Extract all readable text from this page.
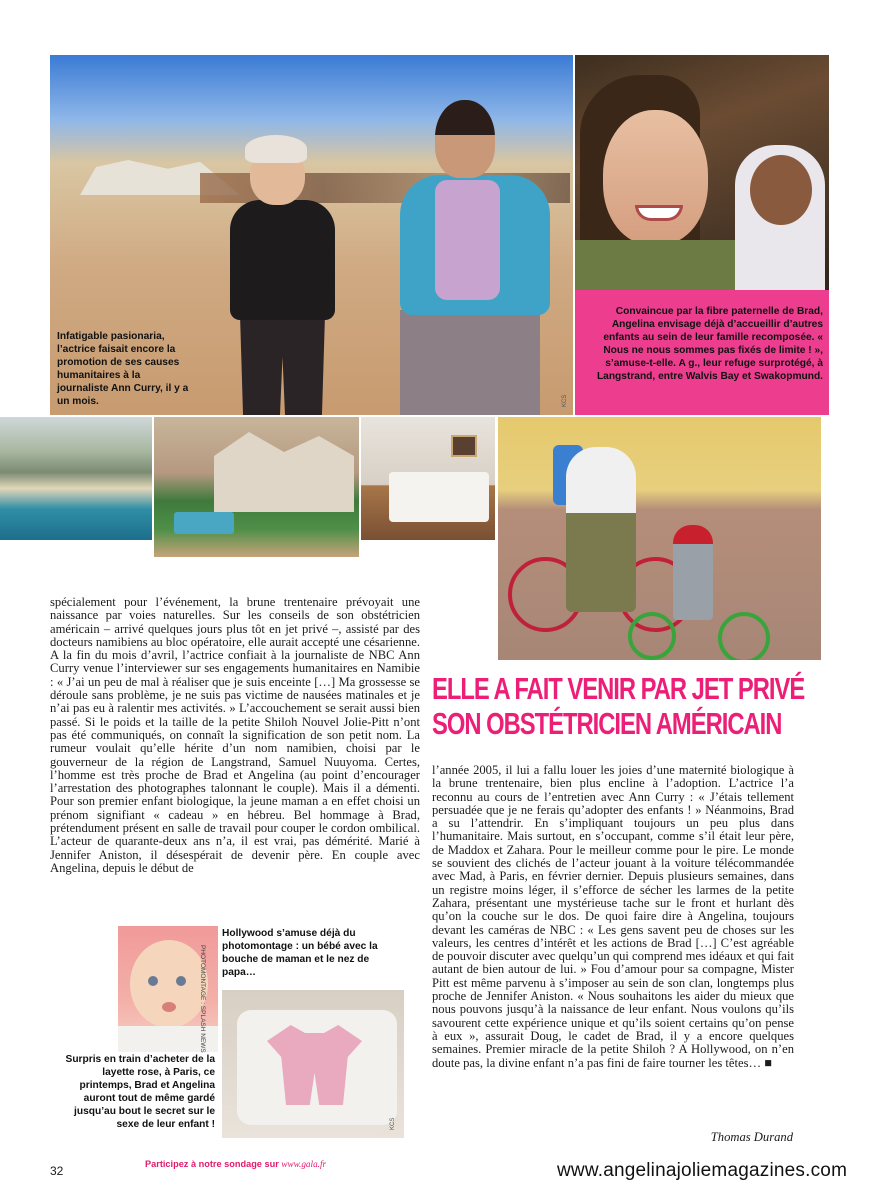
KCS
Infatigable pasionaria, l’actrice faisait encore la promotion de ses causes humanitaires à la journaliste Ann Curry, il y a un mois.
Convaincue par la fibre paternelle de Brad, Angelina envisage déjà d’accueillir d’autres enfants au sein de leur famille recomposée. « Nous ne nous sommes pas fixés de limite ! », s’amuse-t-elle. A g., leur refuge surprotégé, à Langstrand, entre Walvis Bay et Swakopmund.

spécialement pour l’événement, la brune trentenaire prévoyait une naissance par voies naturelles. Sur les conseils de son obstétricien américain – arrivé quelques jours plus tôt en jet privé –, assisté par des docteurs namibiens au bloc opératoire, elle aurait accepté une césarienne. A la fin du mois d’avril, l’actrice confiait à la journaliste de NBC Ann Curry venue l’interviewer sur ses engagements humanitaires en Namibie : « J’ai un peu de mal à réaliser que je suis enceinte […] Ma grossesse se déroule sans problème, je ne suis pas victime de nausées matinales et je n’ai pas eu à ralentir mes activités. » L’accouchement se serait aussi bien passé. Si le poids et la taille de la petite Shiloh Nouvel Jolie-Pitt n’ont pas été communiqués, on connaît la signification de son petit nom. La rumeur voulait qu’elle hérite d’un nom namibien, choisi par le gouverneur de la région de Langstrand, Samuel Nuuyoma. Certes, l’homme est très proche de Brad et Angelina (au point d’encourager l’arrestation des photographes talonnant le couple). Mais il a démenti. Pour son premier enfant biologique, la jeune maman a en effet choisi un prénom signifiant « cadeau » en hébreu. Bel hommage à Brad, prétendument présent en salle de travail pour couper le cordon ombilical. L’acteur de quarante-deux ans n’a, il est vrai, pas démérité. Marié à Jennifer Aniston, il désespérait de devenir père. En couple avec Angelina, depuis le début de

ELLE A FAIT VENIR PAR JET PRIVÉ
SON OBSTÉTRICIEN AMÉRICAIN

l’année 2005, il lui a fallu louer les joies d’une maternité biologique à la brune trentenaire, bien plus encline à l’adoption. L’actrice l’a reconnu au cours de l’entretien avec Ann Curry : « J’étais tellement persuadée que je ne ferais qu’adopter des enfants ! » Néanmoins, Brad a su l’attendrir. En s’impliquant toujours un peu plus dans l’humanitaire. Mais surtout, en s’occupant, comme s’il était leur père, de Maddox et Zahara. Pour le meilleur comme pour le pire. Le monde se souvient des clichés de l’acteur jouant à la voiture télécommandée avec Mad, à Paris, en février dernier. Depuis plusieurs semaines, dans un registre moins léger, il s’efforce de sécher les larmes de la petite Zahara, présentant une mystérieuse tache sur le front et hurlant dès qu’on la couche sur le dos. De quoi faire dire à Angelina, toujours devant les caméras de NBC : « Les gens savent peu de choses sur les valeurs, les centres d’intérêt et les actions de Brad […] C’est agréable de pouvoir discuter avec quelqu’un qui comprend mes idéaux et qui fait autant de bien autour de lui. » Fou d’amour pour sa compagne, Mister Pitt est même parvenu à s’imposer au sein de son clan, longtemps plus proche de Jennifer Aniston. « Nous souhaitons les aider du mieux que nous pouvons jusqu’à la naissance de leur enfant. Nous voulons qu’ils savourent cette expérience unique et qu’ils soient certains qu’on pense à eux », assurait Doug, le cadet de Brad, il y a encore quelques semaines. Premier miracle de la petite Shiloh ? A Hollywood, on n’en doute pas, la divine enfant n’a pas fini de faire tourner les têtes… ■

Thomas Durand
PHOTOMONTAGE : SPLASH NEWS
Hollywood s’amuse déjà du photomontage : un bébé avec la bouche de maman et le nez de papa…
KCS
Surpris en train d’acheter de la layette rose, à Paris, ce printemps, Brad et Angelina auront tout de même gardé jusqu’au bout le secret sur le sexe de leur enfant !
Participez à notre sondage sur www.gala.fr
32	www.angelinajoliemagazines.com
